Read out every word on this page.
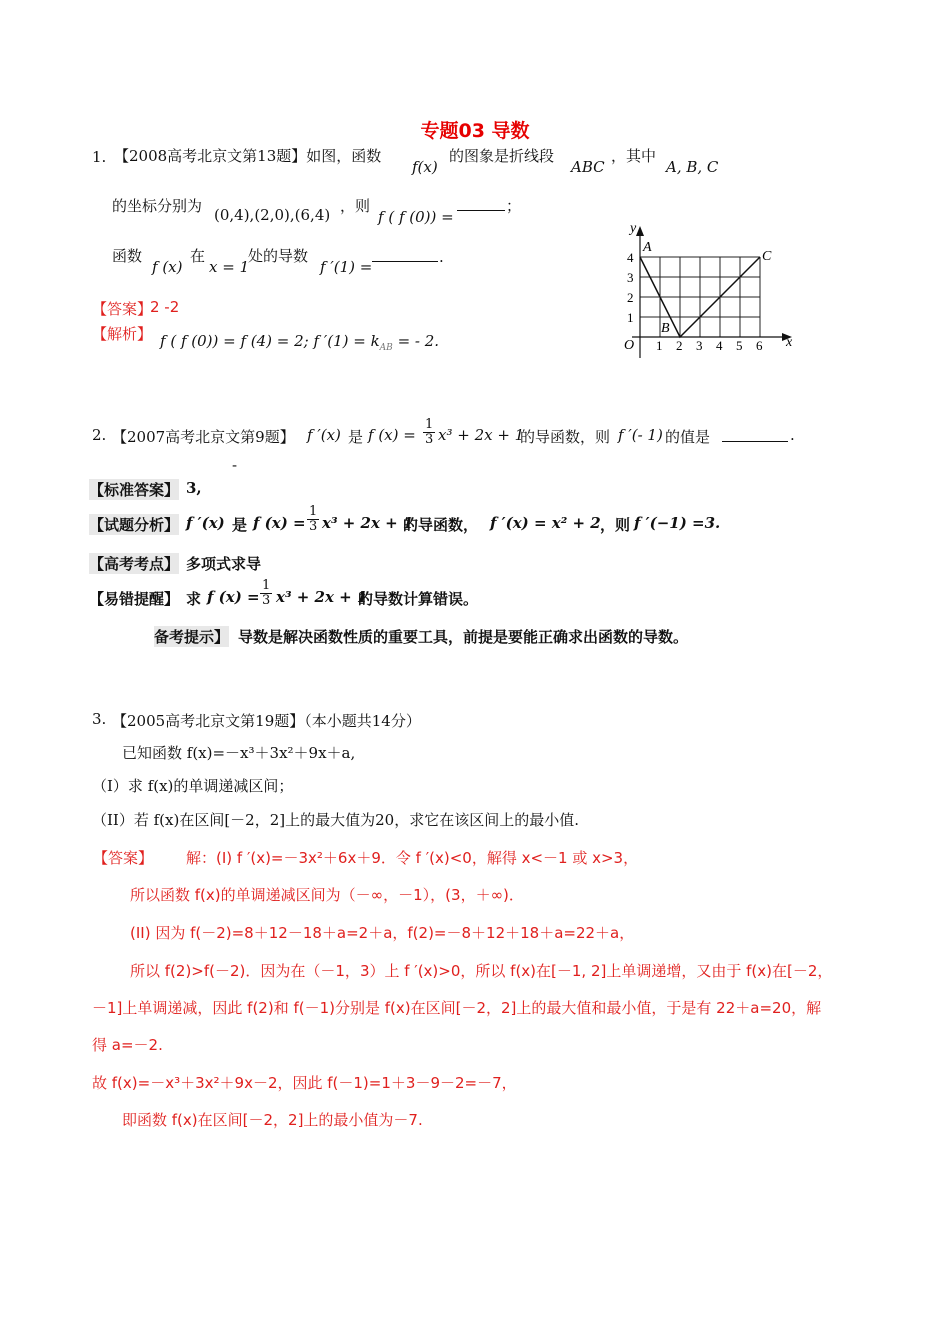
专题03 导数
1. 【2008高考北京文第13题】如图，函数
f(x)
的图象是折线段
ABC
，其中
A, B, C
的坐标分别为 (0,4),(2,0),(6,4) ，则
f ( f (0)) =
；
函数
f (x)
在
x = 1
处的导数
f ′(1) =
.
【答案】
2 -2
【解析】 f ( f (0)) = f (4) = 2; f $'(1) = k_{AB}$ = - 2.
y
x
O
1
2
3
4
1 2 3 4 5 6
A
B
C
2. 【2007高考北京文第9题】 f ′(x) 是 f $(x) = \frac{1}{3} x^3 + 2x + 1$
的导函数，则 f ′(- 1) 的值是	.
-
【标准答案】 3,
【试题分析】 f ′(x) 是 f $(x) = \frac{1}{3} x^3 + 2x + 1$
的导函数， f ′(x) = x² + 2 ，则 f ′(−1) =3.
【高考考点】 多项式求导
【易错提醒】 求 f $(x) = \frac{1}{3} x^3 + 2x + 1$
的导数计算错误。
备考提示】 导数是解决函数性质的重要工具，前提是要能正确求出函数的导数。
3. 【2005高考北京文第19题】（本小题共14分）
已知函数 f(x)=－x³＋3x²＋9x＋a,
（I）求 f(x)的单调递减区间；
（II）若 f(x)在区间[－2，2]上的最大值为20，求它在该区间上的最小值.
【答案】 解：(I) f ′(x)=－3x²＋6x＋9．令 f ′(x)<0，解得 x<－1 或 x>3，
所以函数 f(x)的单调递减区间为（－∞，－1），(3，＋∞)．
(II) 因为 f(－2)=8＋12－18＋a=2＋a，f(2)=－8＋12＋18＋a=22＋a，
所以 f(2)>f(－2)．因为在（－1，3）上 f ′(x)>0，所以 f(x)在[－1, 2]上单调递增，又由于 f(x)在[－2，
－1]上单调递减，因此 f(2)和 f(－1)分别是 f(x)在区间[－2，2]上的最大值和最小值，于是有 22＋a=20，解
得 a=－2.
故 f(x)=－x³＋3x²＋9x－2，因此 f(－1)=1＋3－9－2=－7，
即函数 f(x)在区间[－2，2]上的最小值为－7.
